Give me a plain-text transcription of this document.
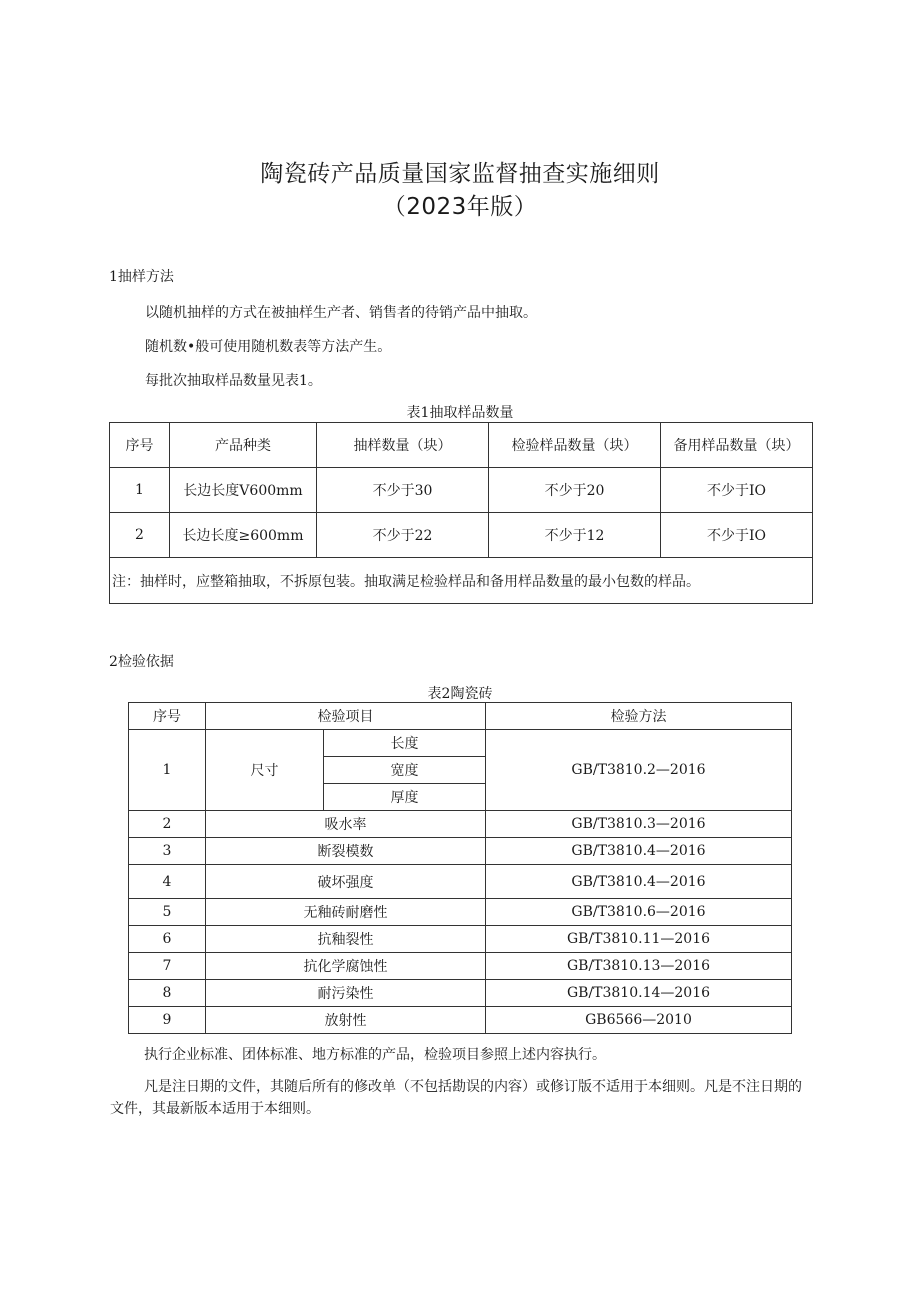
陶瓷砖产品质量国家监督抽查实施细则
（2023年版）
1抽样方法
以随机抽样的方式在被抽样生产者、销售者的待销产品中抽取。
随机数•般可使用随机数表等方法产生。
每批次抽取样品数量见表1。
表1抽取样品数量
序号	产品种类	抽样数量（块）	检验样品数量（块）	备用样品数量（块）
1	长边长度V600mm	不少于30	不少于20	不少于IO
2	长边长度≥600mm	不少于22	不少于12	不少于IO
注：抽样时，应整箱抽取，不拆原包装。抽取满足检验样品和备用样品数量的最小包数的样品。				
2检验依据
表2陶瓷砖
序号	检验项目		检验方法
1	尺寸	长度	GB/T3810.2—2016
		宽度	
		厚度	
2	吸水率		GB/T3810.3—2016
3	断裂模数		GB/T3810.4—2016
4	破坏强度		GB/T3810.4—2016
5	无釉砖耐磨性		GB/T3810.6—2016
6	抗釉裂性		GB/T3810.11—2016
7	抗化学腐蚀性		GB/T3810.13—2016
8	耐污染性		GB/T3810.14—2016
9	放射性		GB6566—2010
执行企业标准、团体标准、地方标准的产品，检验项目参照上述内容执行。
凡是注日期的文件，其随后所有的修改单（不包括勘误的内容）或修订版不适用于本细则。凡是不注日期的文件，其最新版本适用于本细则。
